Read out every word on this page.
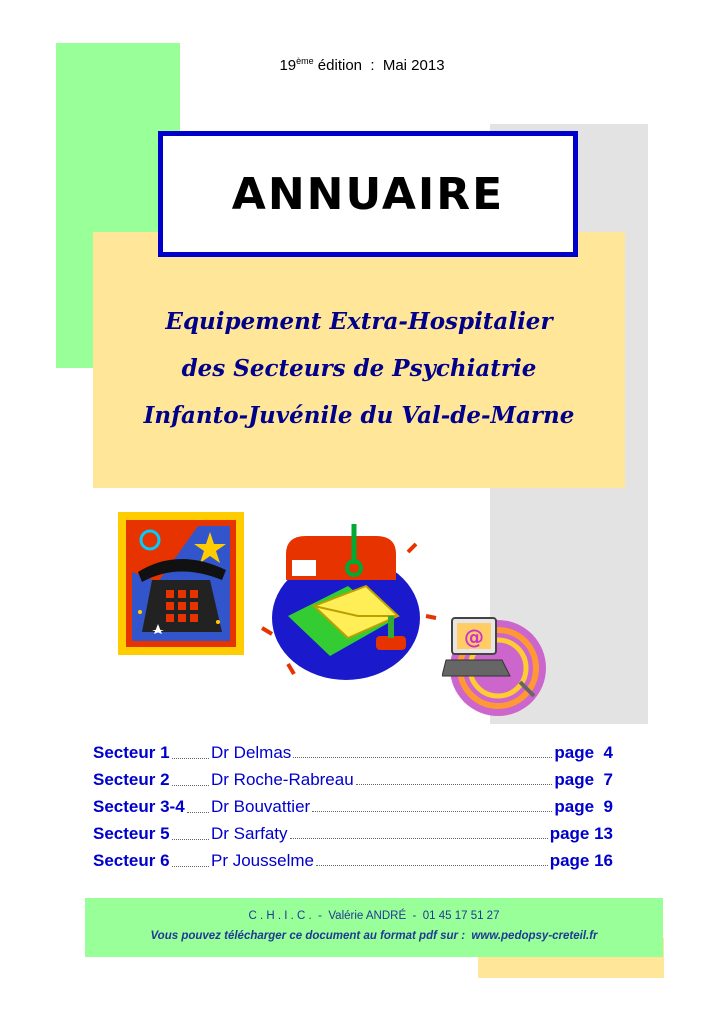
ANNUAIRE
19ème édition  :  Mai 2013
Equipement Extra-Hospitalier
des Secteurs de Psychiatrie
Infanto-Juvénile du Val-de-Marne
@
Secteur 1 Dr Delmas	page  4
Secteur 2 Dr Roche-Rabreau	page  7
Secteur 3-4 Dr Bouvattier	page  9
Secteur 5 Dr Sarfaty	page 13
Secteur 6 Pr Jousselme	page 16
C . H . I . C .  -  Valérie ANDRÉ  -  01 45 17 51 27
Vous pouvez télécharger ce document au format pdf sur :  www.pedopsy-creteil.fr
